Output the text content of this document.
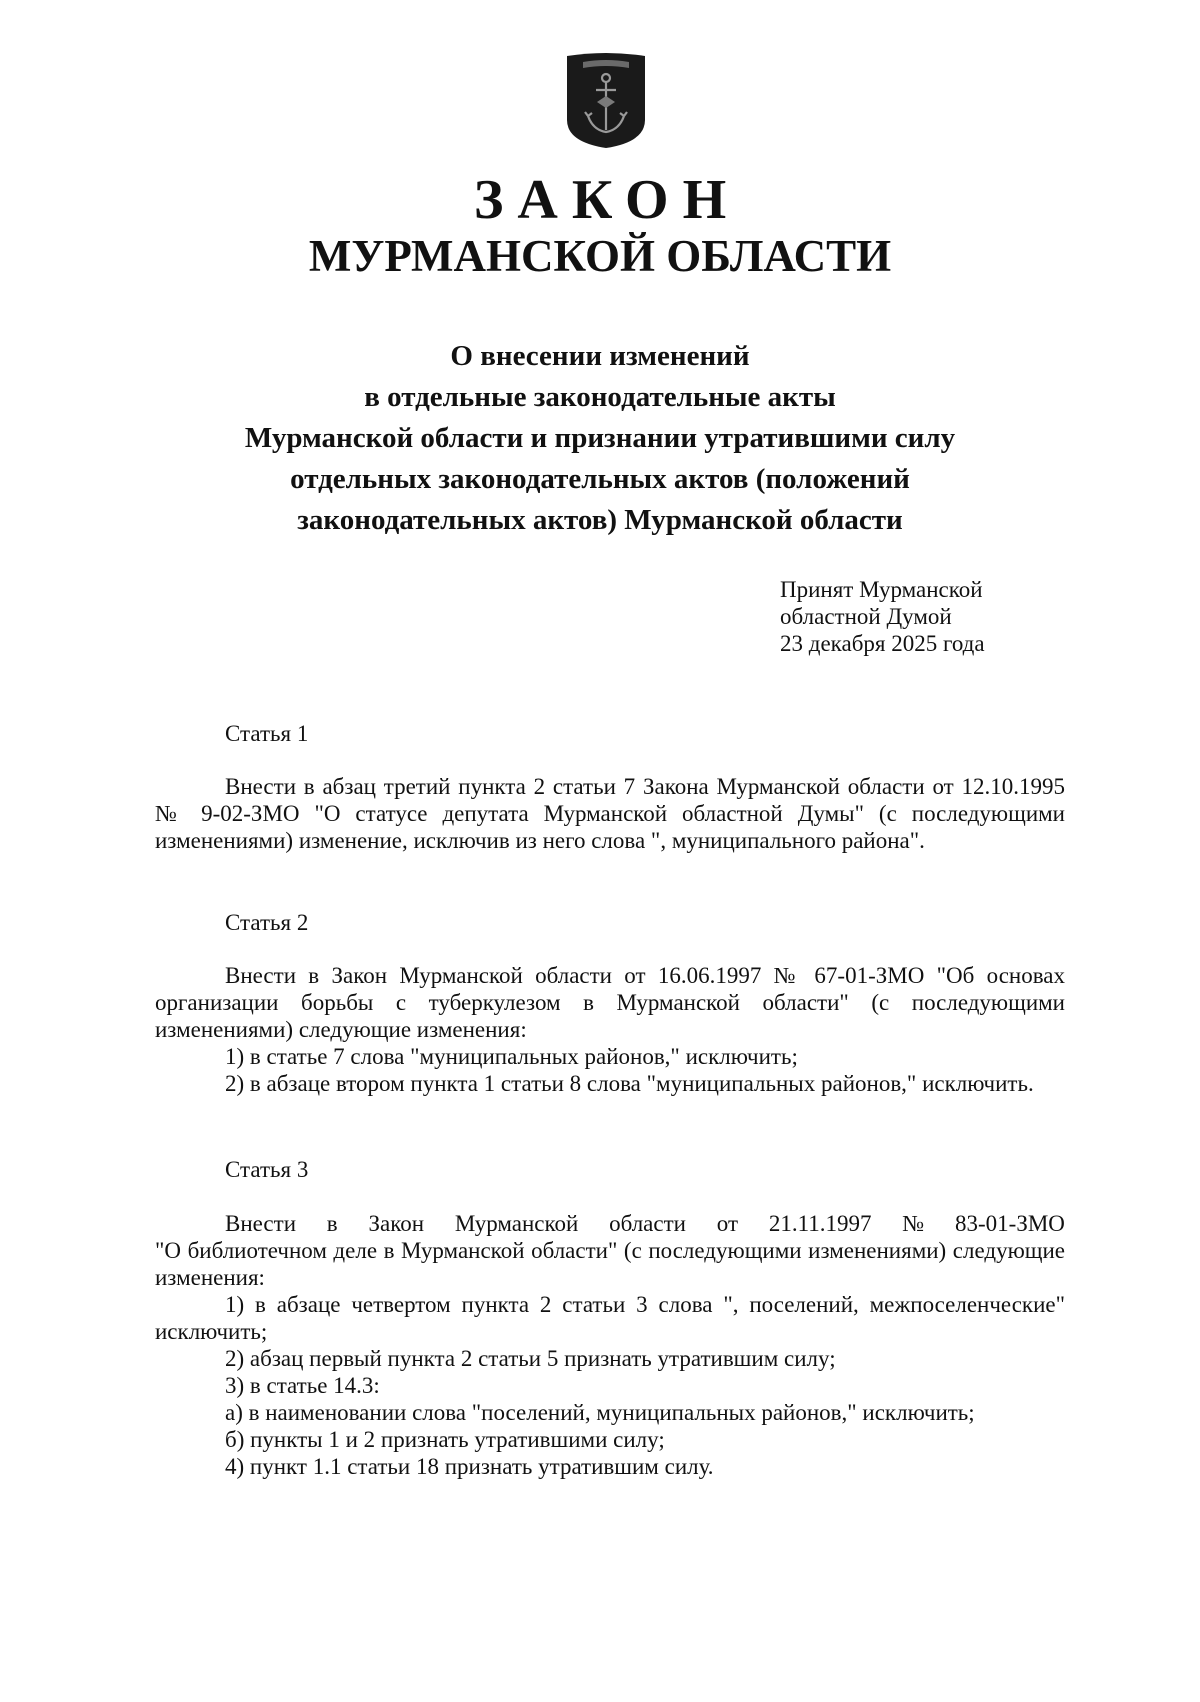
ЗАКОН
МУРМАНСКОЙ ОБЛАСТИ
О внесении изменений
в отдельные законодательные акты
Мурманской области и признании утратившими силу
отдельных законодательных актов (положений
законодательных актов) Мурманской области
Принят Мурманской
областной Думой
23 декабря 2025 года

Статья 1

Внести в абзац третий пункта 2 статьи 7 Закона Мурманской области от 12.10.1995 № 9-02-ЗМО "О статусе депутата Мурманской областной Думы" (с последующими изменениями) изменение, исключив из него слова ", муниципального района".

Статья 2

Внести в Закон Мурманской области от 16.06.1997 № 67-01-ЗМО "Об основах организации борьбы с туберкулезом в Мурманской области" (с последующими изменениями) следующие изменения:

1) в статье 7 слова "муниципальных районов," исключить;

2) в абзаце втором пункта 1 статьи 8 слова "муниципальных районов," исключить.

Статья 3

Внести в Закон Мурманской области от 21.11.1997 № 83-01-ЗМО

"О библиотечном деле в Мурманской области" (с последующими изменениями) следующие изменения:

1) в абзаце четвертом пункта 2 статьи 3 слова ", поселений, межпоселенческие" исключить;

2) абзац первый пункта 2 статьи 5 признать утратившим силу;

3) в статье 14.3:

а) в наименовании слова "поселений, муниципальных районов," исключить;

б) пункты 1 и 2 признать утратившими силу;

4) пункт 1.1 статьи 18 признать утратившим силу.
